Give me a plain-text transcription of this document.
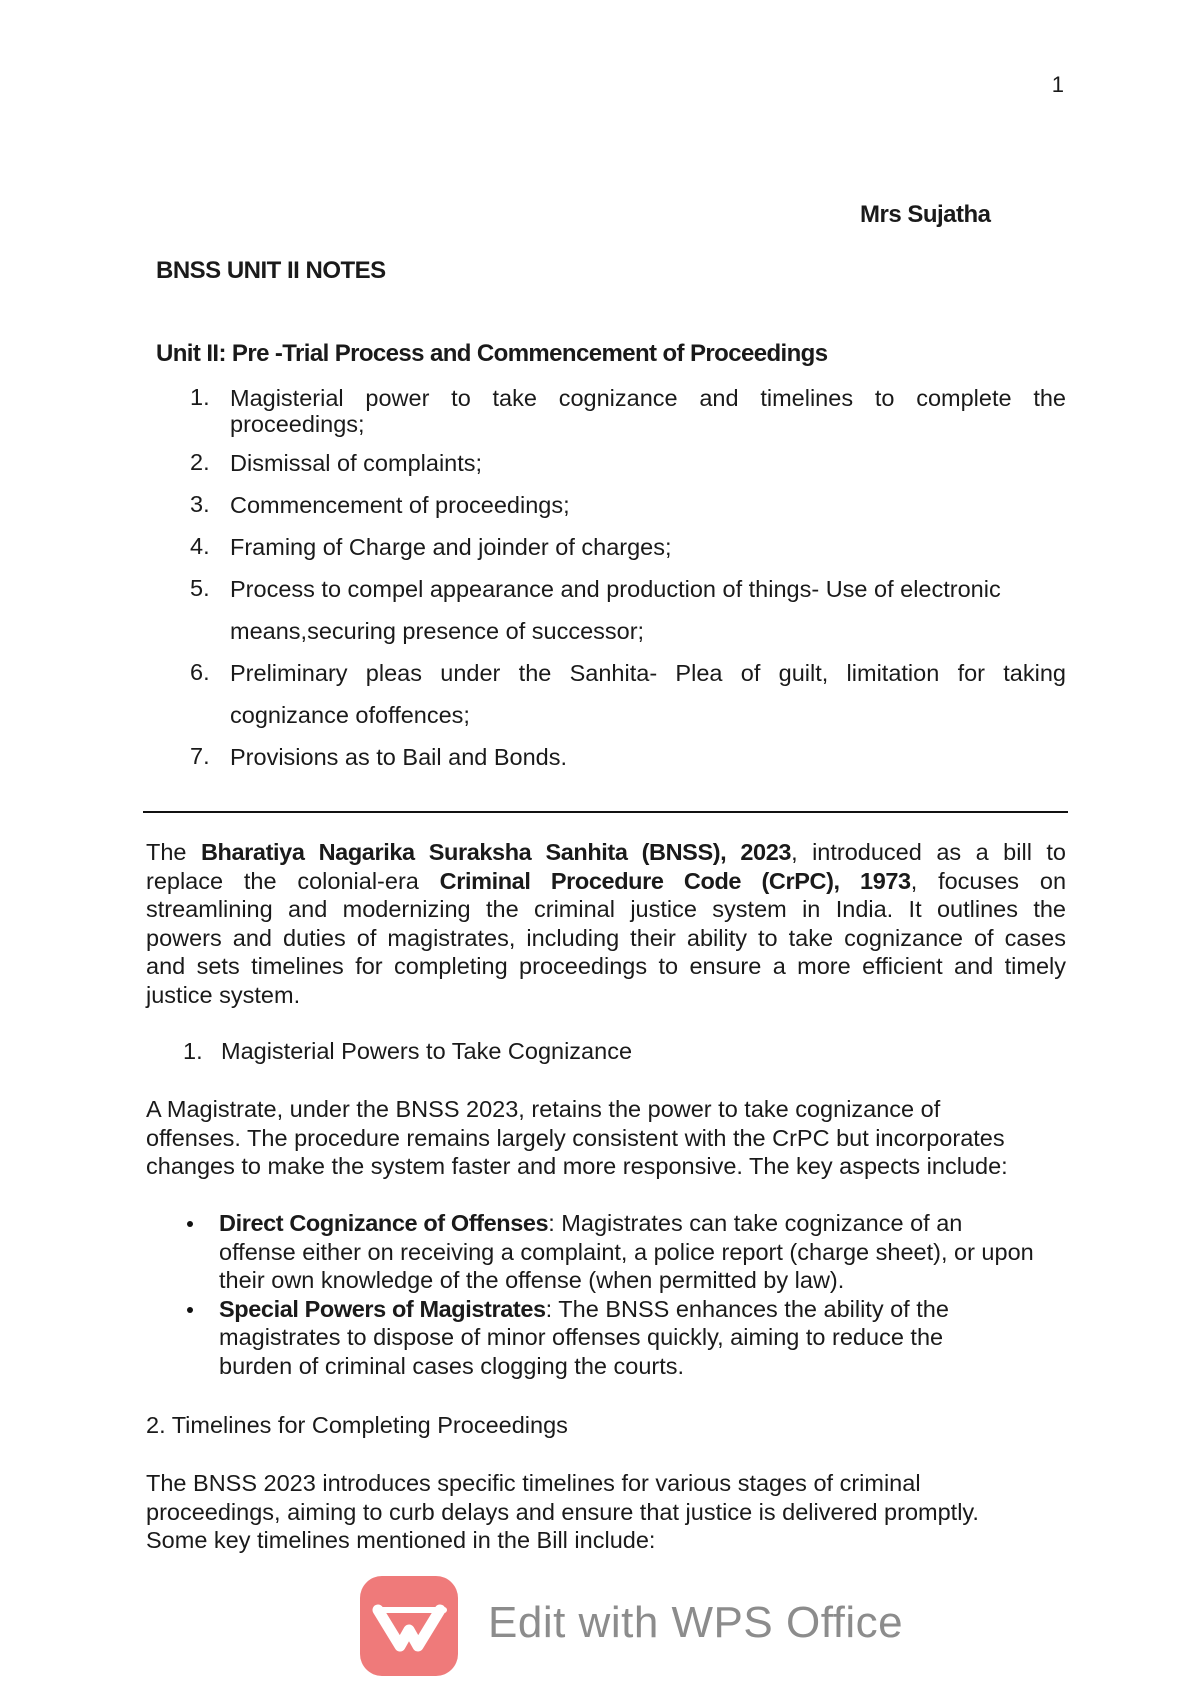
1
Mrs Sujatha
BNSS UNIT II NOTES
Unit II: Pre -Trial Process and Commencement of Proceedings
1. Magisterial power to take cognizance and timelines to complete the
proceedings;
2. Dismissal of complaints;
3. Commencement of proceedings;
4. Framing of Charge and joinder of charges;
5. Process to compel appearance and production of things- Use of electronic
means,securing presence of successor;
6. Preliminary pleas under the Sanhita- Plea of guilt, limitation for taking
cognizance ofoffences;
7. Provisions as to Bail and Bonds.
The Bharatiya Nagarika Suraksha Sanhita (BNSS), 2023, introduced as a bill to
replace the colonial-era Criminal Procedure Code (CrPC), 1973, focuses on
streamlining and modernizing the criminal justice system in India. It outlines the
powers and duties of magistrates, including their ability to take cognizance of cases
and sets timelines for completing proceedings to ensure a more efficient and timely
justice system.
1. Magisterial Powers to Take Cognizance
A Magistrate, under the BNSS 2023, retains the power to take cognizance of
offenses. The procedure remains largely consistent with the CrPC but incorporates
changes to make the system faster and more responsive. The key aspects include:
Direct Cognizance of Offenses: Magistrates can take cognizance of an
offense either on receiving a complaint, a police report (charge sheet), or upon
their own knowledge of the offense (when permitted by law).
Special Powers of Magistrates: The BNSS enhances the ability of the
magistrates to dispose of minor offenses quickly, aiming to reduce the
burden of criminal cases clogging the courts.
2. Timelines for Completing Proceedings
The BNSS 2023 introduces specific timelines for various stages of criminal
proceedings, aiming to curb delays and ensure that justice is delivered promptly.
Some key timelines mentioned in the Bill include:
Edit with WPS Office
